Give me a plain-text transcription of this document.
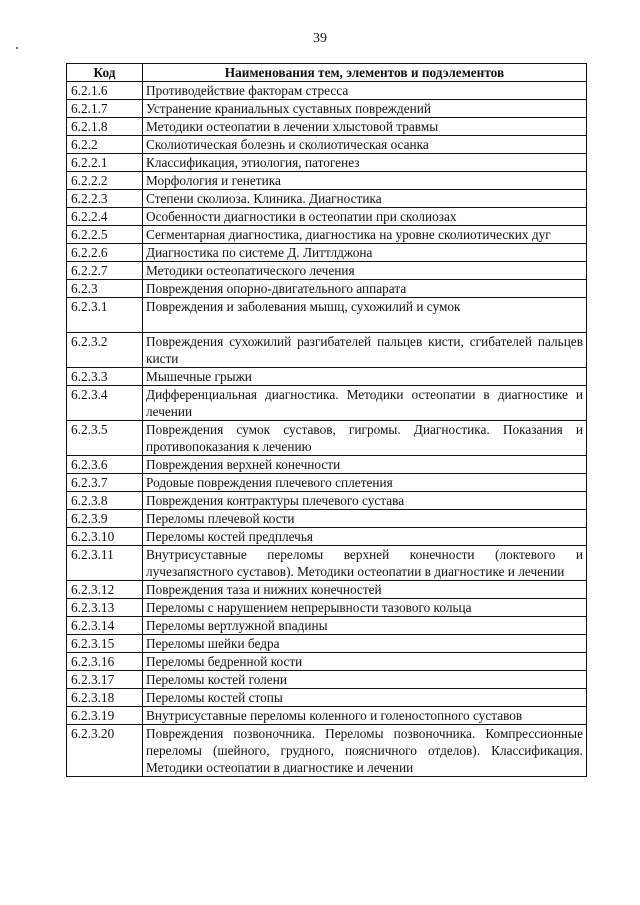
39
Код	Наименования тем, элементов и подэлементов
6.2.1.6	Противодействие факторам стресса
6.2.1.7	Устранение краниальных суставных повреждений
6.2.1.8	Методики остеопатии в лечении хлыстовой травмы
6.2.2	Сколиотическая болезнь и сколиотическая осанка
6.2.2.1	Классификация, этиология, патогенез
6.2.2.2	Морфология и генетика
6.2.2.3	Степени сколиоза. Клиника. Диагностика
6.2.2.4	Особенности диагностики в остеопатии при сколиозах
6.2.2.5	Сегментарная диагностика, диагностика на уровне сколиотических дуг
6.2.2.6	Диагностика по системе Д. Литтлджона
6.2.2.7	Методики остеопатического лечения
6.2.3	Повреждения опорно-двигательного аппарата
6.2.3.1	Повреждения и заболевания мышц, сухожилий и сумок
6.2.3.2	Повреждения сухожилий разгибателей пальцев кисти, сгибателей пальцев кисти
6.2.3.3	Мышечные грыжи
6.2.3.4	Дифференциальная диагностика. Методики остеопатии в диагностике и лечении
6.2.3.5	Повреждения сумок суставов, гигромы. Диагностика. Показания и противопоказания к лечению
6.2.3.6	Повреждения верхней конечности
6.2.3.7	Родовые повреждения плечевого сплетения
6.2.3.8	Повреждения контрактуры плечевого сустава
6.2.3.9	Переломы плечевой кости
6.2.3.10	Переломы костей предплечья
6.2.3.11	Внутрисуставные переломы верхней конечности (локтевого и лучезапястного суставов). Методики остеопатии в диагностике и лечении
6.2.3.12	Повреждения таза и нижних конечностей
6.2.3.13	Переломы с нарушением непрерывности тазового кольца
6.2.3.14	Переломы вертлужной впадины
6.2.3.15	Переломы шейки бедра
6.2.3.16	Переломы бедренной кости
6.2.3.17	Переломы костей голени
6.2.3.18	Переломы костей стопы
6.2.3.19	Внутрисуставные переломы коленного и голеностопного суставов
6.2.3.20	Повреждения позвоночника. Переломы позвоночника. Компрессионные переломы (шейного, грудного, поясничного отделов). Классификация. Методики остеопатии в диагностике и лечении
